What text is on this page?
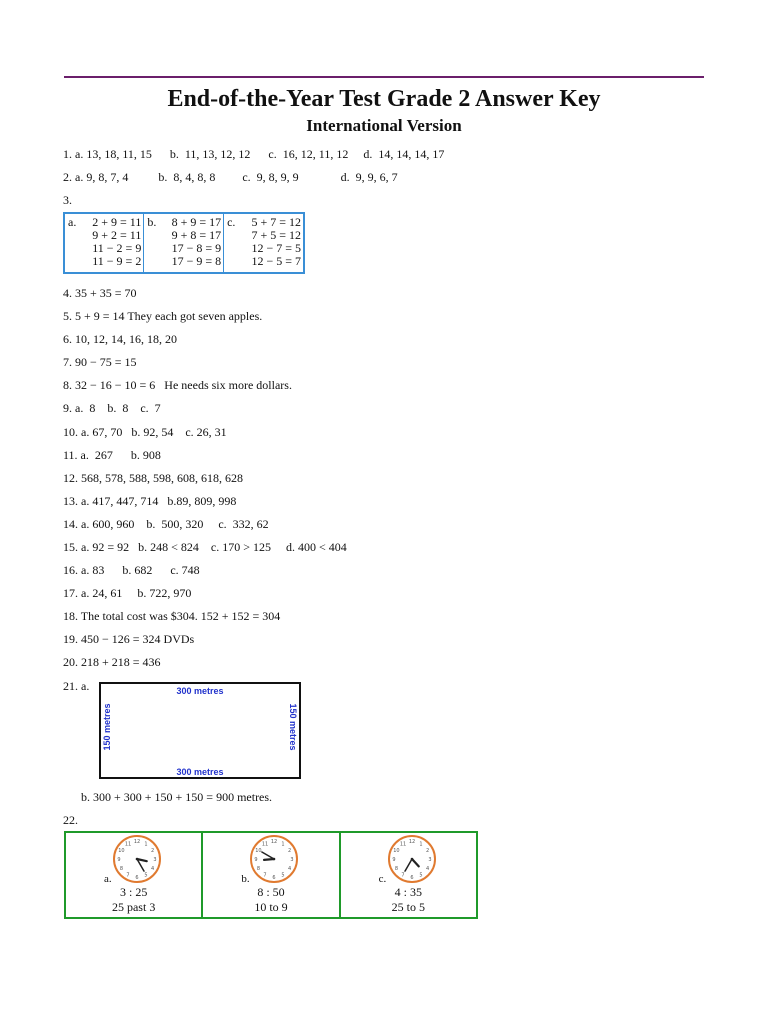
End-of-the-Year Test Grade 2 Answer Key
International Version
1. a. 13, 18, 11, 15      b.  11, 13, 12, 12      c.  16, 12, 11, 12     d.  14, 14, 14, 17
2. a. 9, 8, 7, 4          b.  8, 4, 8, 8         c.  9, 8, 9, 9              d.  9, 9, 6, 7
3.
a.	2 + 9 = 11
9 + 2 = 11
11 − 2 = 9
11 − 9 = 2

b.	8 + 9 = 17
9 + 8 = 17
17 − 8 = 9
17 − 9 = 8

c.	5 + 7 = 12
7 + 5 = 12
12 − 7 = 5
12 − 5 = 7
4. 35 + 35 = 70
5. 5 + 9 = 14 They each got seven apples.
6. 10, 12, 14, 16, 18, 20
7. 90 − 75 = 15
8. 32 − 16 − 10 = 6   He needs six more dollars.
9. a.  8    b.  8    c.  7
10. a. 67, 70   b. 92, 54    c. 26, 31
11. a.  267      b. 908
12. 568, 578, 588, 598, 608, 618, 628
13. a. 417, 447, 714   b.89, 809, 998
14. a. 600, 960    b.  500, 320     c.  332, 62
15. a. 92 = 92   b. 248 < 824    c. 170 > 125     d. 400 < 404
16. a. 83      b. 682      c. 748
17. a. 24, 61     b. 722, 970
18. The total cost was $304. 152 + 152 = 304
19. 450 − 126 = 324 DVDs
20. 218 + 218 = 436
21. a.	300 metres
300 metres
150 metres	150 metres
b. 300 + 300 + 150 + 150 = 900 metres.
22.
1
2
3
4
5
6
7
8
9
10
11 12
a.
3 : 25
25 past 3

1
2
3
4
5
6
7
8
9
10
11 12
b.
8 : 50
10 to 9

1
2
3
4
5
6
7
8
9
10
11 12
c.
4 : 35
25 to 5
